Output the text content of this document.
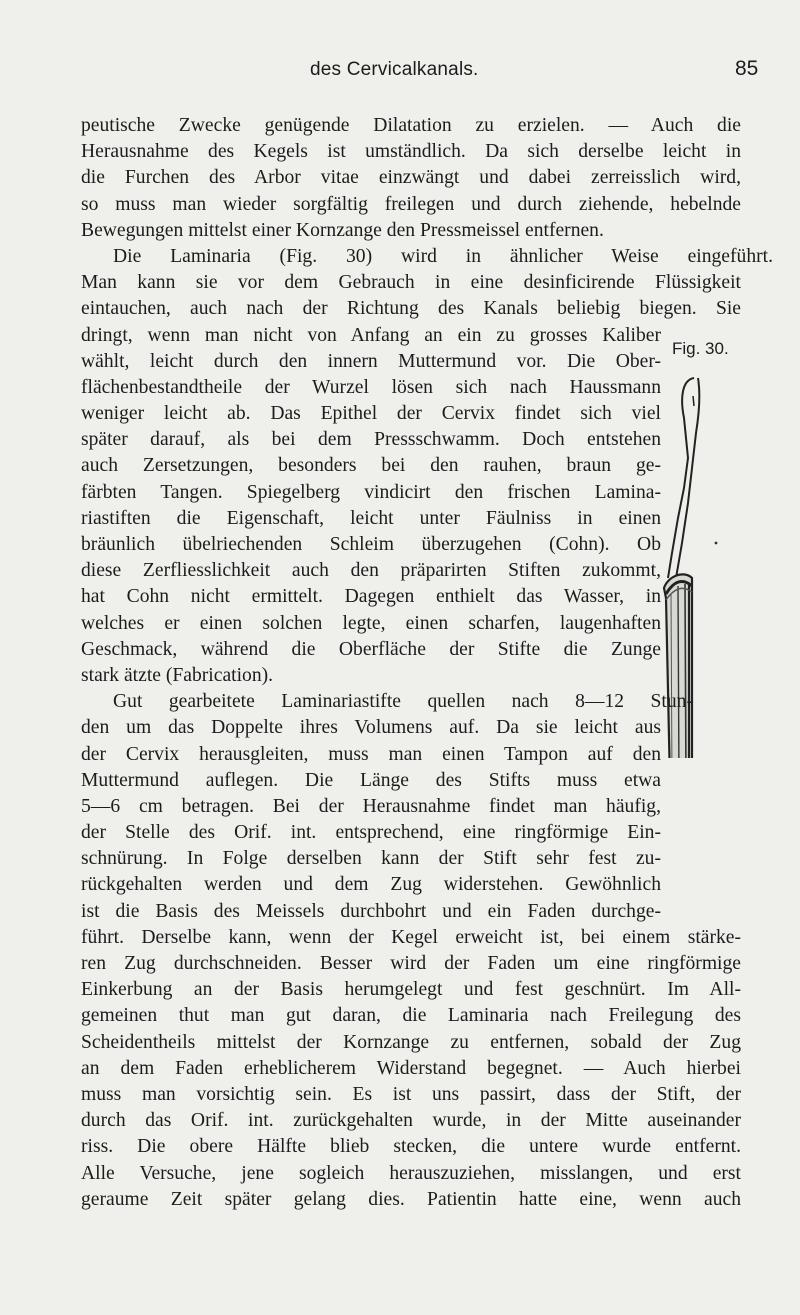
des Cervicalkanals.	85
Fig. 30.
peutische Zwecke genügende Dilatation zu erzielen. — Auch die
Herausnahme des Kegels ist umständlich. Da sich derselbe leicht in
die Furchen des Arbor vitae einzwängt und dabei zerreisslich wird,
so muss man wieder sorgfältig freilegen und durch ziehende, hebelnde
Bewegungen mittelst einer Kornzange den Pressmeissel entfernen.
Die Laminaria (Fig. 30) wird in ähnlicher Weise eingeführt.
Man kann sie vor dem Gebrauch in eine desinficirende Flüssigkeit
eintauchen, auch nach der Richtung des Kanals beliebig biegen. Sie
dringt, wenn man nicht von Anfang an ein zu grosses Kaliber
wählt, leicht durch den innern Muttermund vor. Die Ober-
flächenbestandtheile der Wurzel lösen sich nach Haussmann
weniger leicht ab. Das Epithel der Cervix findet sich viel
später darauf, als bei dem Pressschwamm. Doch entstehen
auch Zersetzungen, besonders bei den rauhen, braun ge-
färbten Tangen. Spiegelberg vindicirt den frischen Lamina-
riastiften die Eigenschaft, leicht unter Fäulniss in einen
bräunlich übelriechenden Schleim überzugehen (Cohn). Ob
diese Zerfliesslichkeit auch den präparirten Stiften zukommt,
hat Cohn nicht ermittelt. Dagegen enthielt das Wasser, in
welches er einen solchen legte, einen scharfen, laugenhaften
Geschmack, während die Oberfläche der Stifte die Zunge
stark ätzte (Fabrication).
Gut gearbeitete Laminariastifte quellen nach 8—12 Stun-
den um das Doppelte ihres Volumens auf. Da sie leicht aus
der Cervix herausgleiten, muss man einen Tampon auf den
Muttermund auflegen. Die Länge des Stifts muss etwa
5—6 cm betragen. Bei der Herausnahme findet man häufig,
der Stelle des Orif. int. entsprechend, eine ringförmige Ein-
schnürung. In Folge derselben kann der Stift sehr fest zu-
rückgehalten werden und dem Zug widerstehen. Gewöhnlich
ist die Basis des Meissels durchbohrt und ein Faden durchge-
führt. Derselbe kann, wenn der Kegel erweicht ist, bei einem stärke-
ren Zug durchschneiden. Besser wird der Faden um eine ringförmige
Einkerbung an der Basis herumgelegt und fest geschnürt. Im All-
gemeinen thut man gut daran, die Laminaria nach Freilegung des
Scheidentheils mittelst der Kornzange zu entfernen, sobald der Zug
an dem Faden erheblicherem Widerstand begegnet. — Auch hierbei
muss man vorsichtig sein. Es ist uns passirt, dass der Stift, der
durch das Orif. int. zurückgehalten wurde, in der Mitte auseinander
riss. Die obere Hälfte blieb stecken, die untere wurde entfernt.
Alle Versuche, jene sogleich herauszuziehen, misslangen, und erst
geraume Zeit später gelang dies. Patientin hatte eine, wenn auch
